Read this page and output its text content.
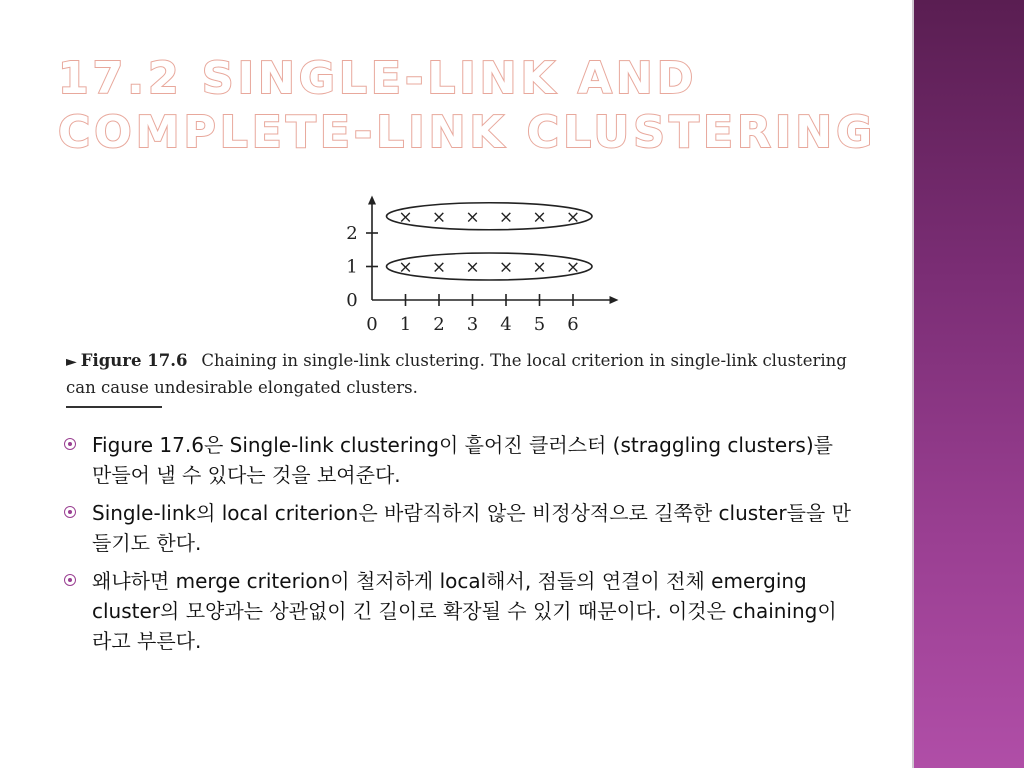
17.2 SINGLE-LINK AND COMPLETE-LINK CLUSTERING
0 1 2 3 4 5 6
0
1
2
× × × × × ×
× × × × × ×
► Figure 17.6 Chaining in single-link clustering. The local criterion in single-link clustering can cause undesirable elongated clusters.
Figure 17.6은 Single-link clustering이 흩어진 클러스터 (straggling clusters)를 만들어 낼 수 있다는 것을 보여준다.
Single-link의 local criterion은 바람직하지 않은 비정상적으로 길쭉한 cluster들을 만들기도 한다.
왜냐하면 merge criterion이 철저하게 local해서, 점들의 연결이 전체 emerging cluster의 모양과는 상관없이 긴 길이로 확장될 수 있기 때문이다. 이것은 chaining이라고 부른다.
